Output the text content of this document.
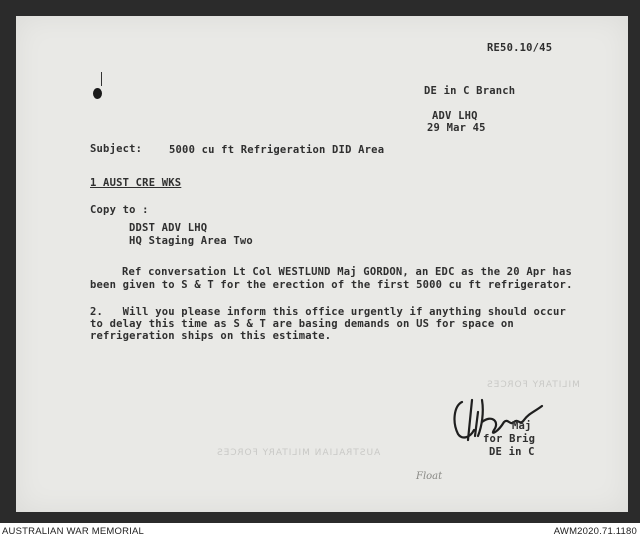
RE50.10/45
DE in C Branch
ADV LHQ
29 Mar 45
Subject:	5000 cu ft Refrigeration DID Area
1 AUST CRE WKS
Copy to :
DDST ADV LHQ
HQ Staging Area Two
Ref conversation Lt Col WESTLUND Maj GORDON, an EDC as the 20 Apr has
been given to S & T for the erection of the first 5000 cu ft refrigerator.
2.   Will you please inform this office urgently if anything should occur
to delay this time as S & T are basing demands on US for space on
refrigeration ships on this estimate.
MILITARY FORCES
AUSTRALIAN MILITARY FORCES
Maj
for Brig
DE in C
Float
AUSTRALIAN WAR MEMORIAL	AWM2020.71.1180
